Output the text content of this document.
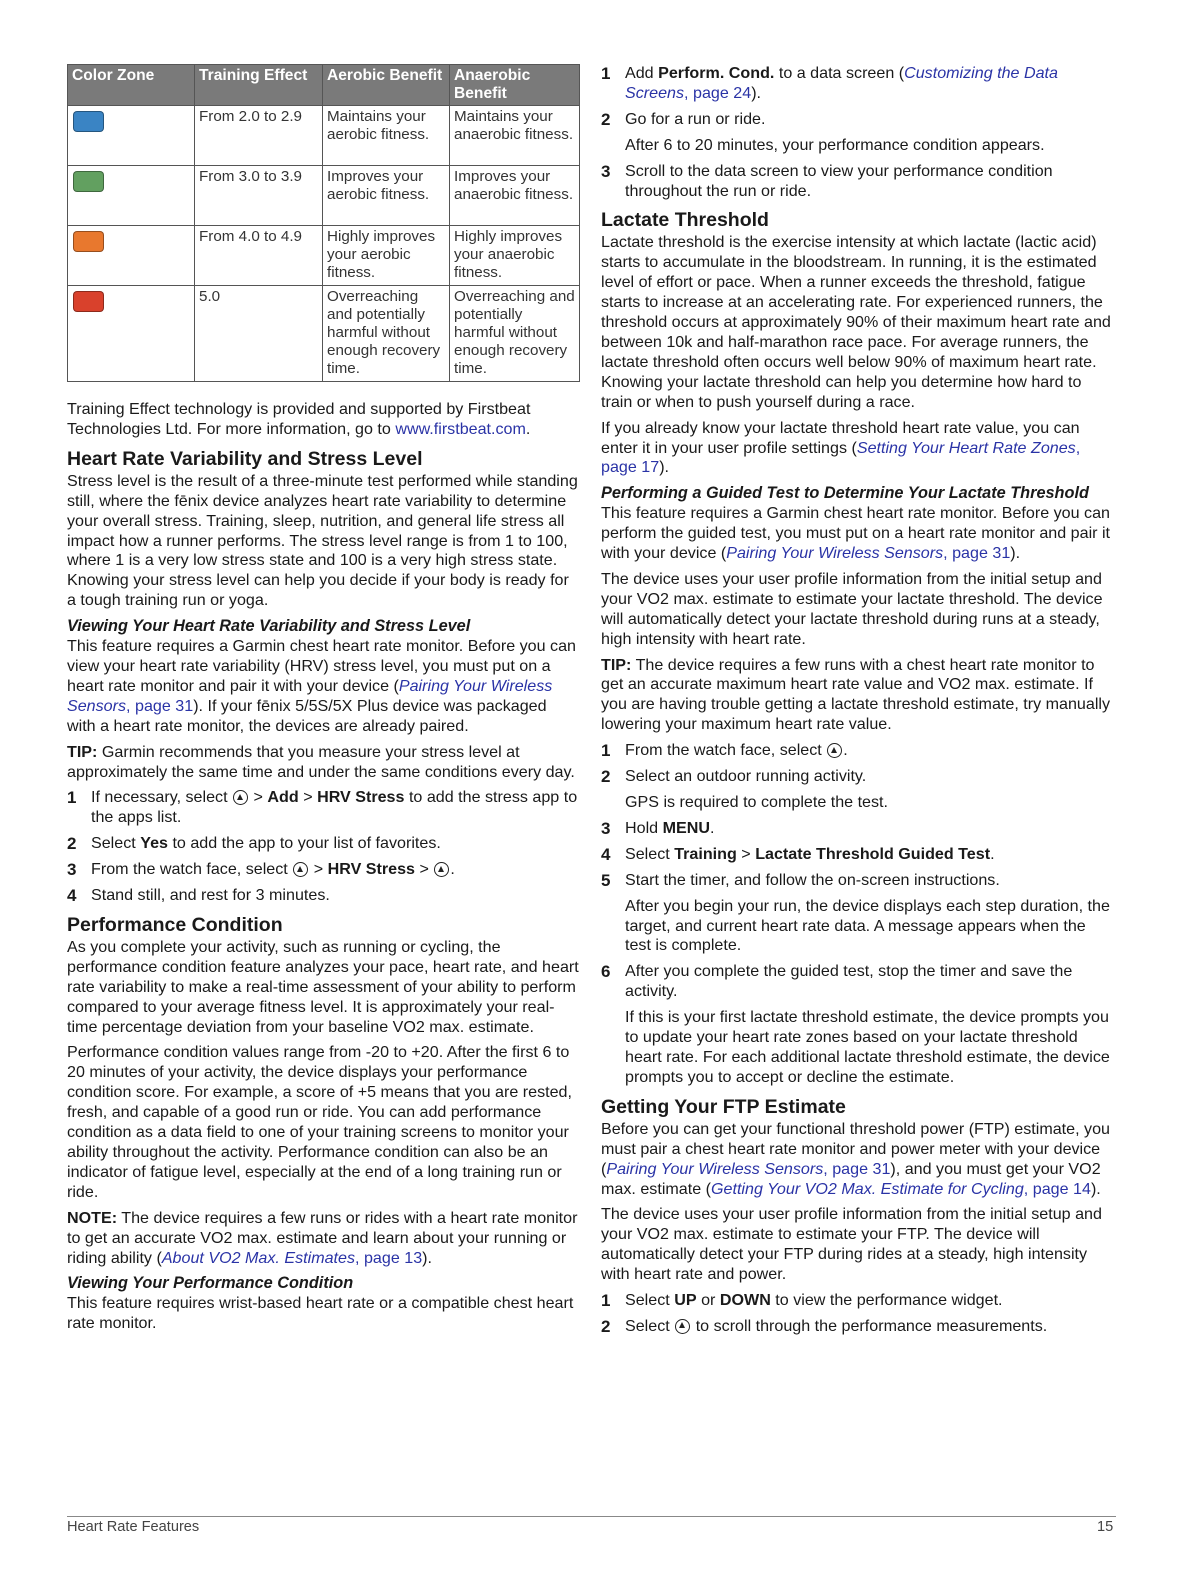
Color Zone	Training Effect	Aerobic Benefit	Anaerobic Benefit

	From 2.0 to 2.9	Maintains your aerobic fitness.	Maintains your anaerobic fitness.

	From 3.0 to 3.9	Improves your aerobic fitness.	Improves your anaerobic fitness.

	From 4.0 to 4.9	Highly improves your aerobic fitness.	Highly improves your anaerobic fitness.

	5.0	Overreaching and potentially harmful without enough recovery time.	Overreaching and potentially harmful without enough recovery time.

Training Effect technology is provided and supported by Firstbeat Technologies Ltd. For more information, go to www.firstbeat.com.

Heart Rate Variability and Stress Level

Stress level is the result of a three-minute test performed while standing still, where the fēnix device analyzes heart rate variability to determine your overall stress. Training, sleep, nutrition, and general life stress all impact how a runner performs. The stress level range is from 1 to 100, where 1 is a very low stress state and 100 is a very high stress state. Knowing your stress level can help you decide if your body is ready for a tough training run or yoga.

Viewing Your Heart Rate Variability and Stress Level

This feature requires a Garmin chest heart rate monitor. Before you can view your heart rate variability (HRV) stress level, you must put on a heart rate monitor and pair it with your device (Pairing Your Wireless Sensors, page 31). If your fēnix 5/5S/5X Plus device was packaged with a heart rate monitor, the devices are already paired.

TIP: Garmin recommends that you measure your stress level at approximately the same time and under the same conditions every day.

1 If necessary, select > Add > HRV Stress to add the stress app to the apps list.
2 Select Yes to add the app to your list of favorites.
3 From the watch face, select > HRV Stress > .
4 Stand still, and rest for 3 minutes.
Performance Condition

As you complete your activity, such as running or cycling, the performance condition feature analyzes your pace, heart rate, and heart rate variability to make a real-time assessment of your ability to perform compared to your average fitness level. It is approximately your real-time percentage deviation from your baseline VO2 max. estimate.

Performance condition values range from -20 to +20. After the first 6 to 20 minutes of your activity, the device displays your performance condition score. For example, a score of +5 means that you are rested, fresh, and capable of a good run or ride. You can add performance condition as a data field to one of your training screens to monitor your ability throughout the activity. Performance condition can also be an indicator of fatigue level, especially at the end of a long training run or ride.

NOTE: The device requires a few runs or rides with a heart rate monitor to get an accurate VO2 max. estimate and learn about your running or riding ability (About VO2 Max. Estimates, page 13).

Viewing Your Performance Condition

This feature requires wrist-based heart rate or a compatible chest heart rate monitor.

1 Add Perform. Cond. to a data screen (Customizing the Data Screens, page 24).
2 Go for a run or ride.

After 6 to 20 minutes, your performance condition appears.

3 Scroll to the data screen to view your performance condition throughout the run or ride.
Lactate Threshold

Lactate threshold is the exercise intensity at which lactate (lactic acid) starts to accumulate in the bloodstream. In running, it is the estimated level of effort or pace. When a runner exceeds the threshold, fatigue starts to increase at an accelerating rate. For experienced runners, the threshold occurs at approximately 90% of their maximum heart rate and between 10k and half-marathon race pace. For average runners, the lactate threshold often occurs well below 90% of maximum heart rate. Knowing your lactate threshold can help you determine how hard to train or when to push yourself during a race.

If you already know your lactate threshold heart rate value, you can enter it in your user profile settings (Setting Your Heart Rate Zones, page 17).

Performing a Guided Test to Determine Your Lactate Threshold

This feature requires a Garmin chest heart rate monitor. Before you can perform the guided test, you must put on a heart rate monitor and pair it with your device (Pairing Your Wireless Sensors, page 31).

The device uses your user profile information from the initial setup and your VO2 max. estimate to estimate your lactate threshold. The device will automatically detect your lactate threshold during runs at a steady, high intensity with heart rate.

TIP: The device requires a few runs with a chest heart rate monitor to get an accurate maximum heart rate value and VO2 max. estimate. If you are having trouble getting a lactate threshold estimate, try manually lowering your maximum heart rate value.

1 From the watch face, select .
2 Select an outdoor running activity.

GPS is required to complete the test.

3 Hold MENU.
4 Select Training > Lactate Threshold Guided Test.
5 Start the timer, and follow the on-screen instructions.

After you begin your run, the device displays each step duration, the target, and current heart rate data. A message appears when the test is complete.

6 After you complete the guided test, stop the timer and save the activity.

If this is your first lactate threshold estimate, the device prompts you to update your heart rate zones based on your lactate threshold heart rate. For each additional lactate threshold estimate, the device prompts you to accept or decline the estimate.

Getting Your FTP Estimate

Before you can get your functional threshold power (FTP) estimate, you must pair a chest heart rate monitor and power meter with your device (Pairing Your Wireless Sensors, page 31), and you must get your VO2 max. estimate (Getting Your VO2 Max. Estimate for Cycling, page 14).

The device uses your user profile information from the initial setup and your VO2 max. estimate to estimate your FTP. The device will automatically detect your FTP during rides at a steady, high intensity with heart rate and power.

1 Select UP or DOWN to view the performance widget.
2 Select to scroll through the performance measurements.
Heart Rate Features	15
